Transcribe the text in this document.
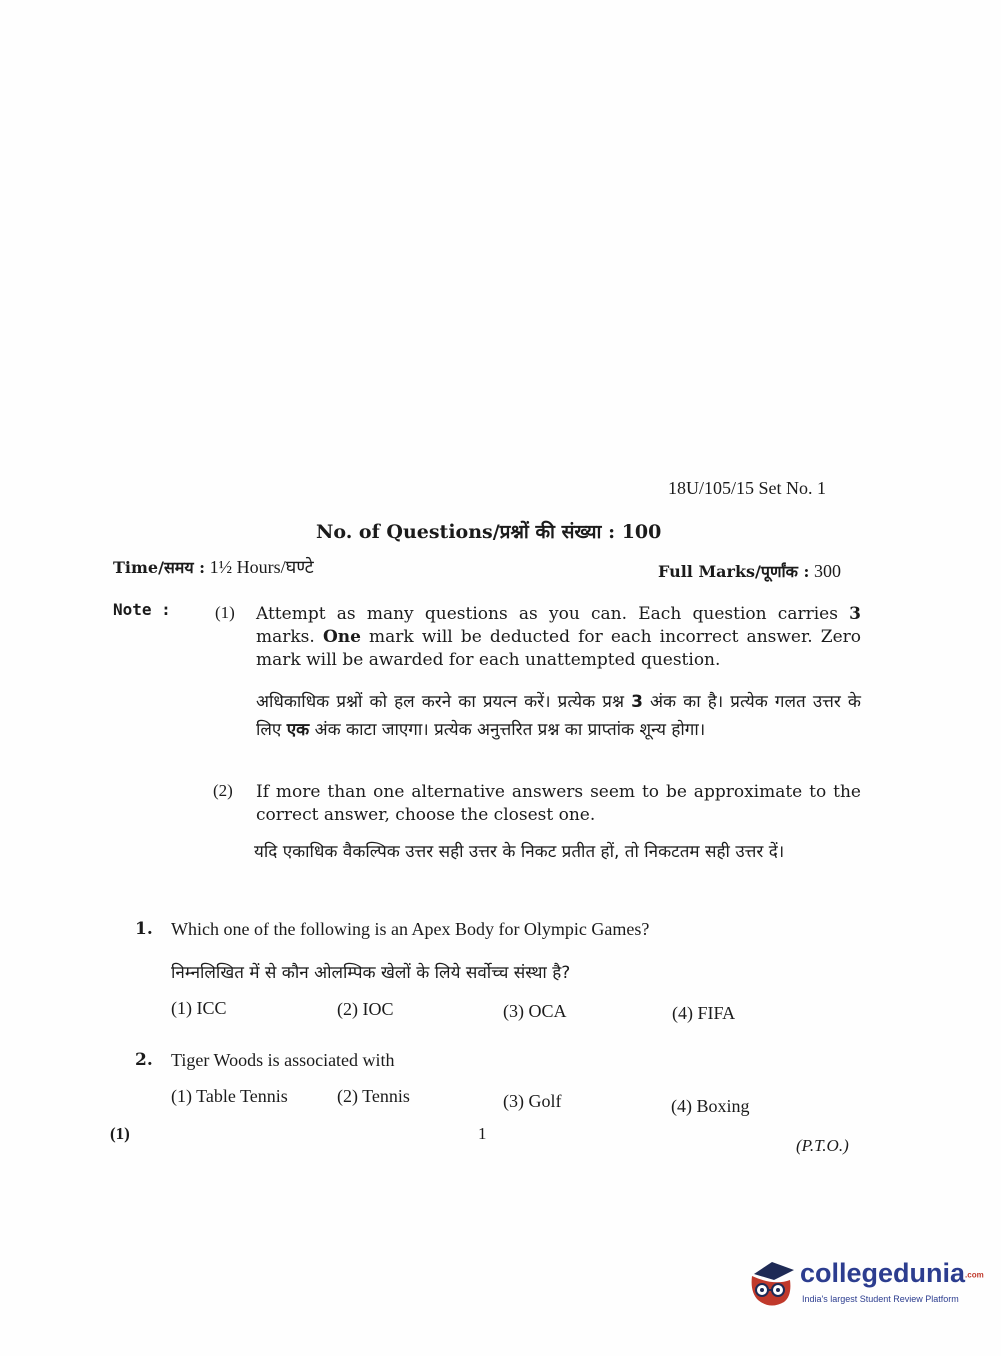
18U/105/15 Set No. 1
No. of Questions/प्रश्नों की संख्या : 100
Time/समय : 1½ Hours/घण्टे	Full Marks/पूर्णांक : 300
Note :	(1) Attempt as many questions as you can. Each question carries 3 marks. One mark will be deducted for each incorrect answer. Zero mark will be awarded for each unattempted question.
अधिकाधिक प्रश्नों को हल करने का प्रयत्न करें। प्रत्येक प्रश्न 3 अंक का है। प्रत्येक गलत उत्तर के लिए एक अंक काटा जाएगा। प्रत्येक अनुत्तरित प्रश्न का प्राप्तांक शून्य होगा।
(2) If more than one alternative answers seem to be approximate to the correct answer, choose the closest one.
यदि एकाधिक वैकल्पिक उत्तर सही उत्तर के निकट प्रतीत हों, तो निकटतम सही उत्तर दें।
1. Which one of the following is an Apex Body for Olympic Games?
निम्नलिखित में से कौन ओलम्पिक खेलों के लिये सर्वोच्च संस्था है?
(1) ICC	(2) IOC	(3) OCA	(4) FIFA
2. Tiger Woods is associated with
(1) Table Tennis	(2) Tennis	(3) Golf	(4) Boxing
(1)	1
(P.T.O.)
collegedunia.com
India's largest Student Review Platform
